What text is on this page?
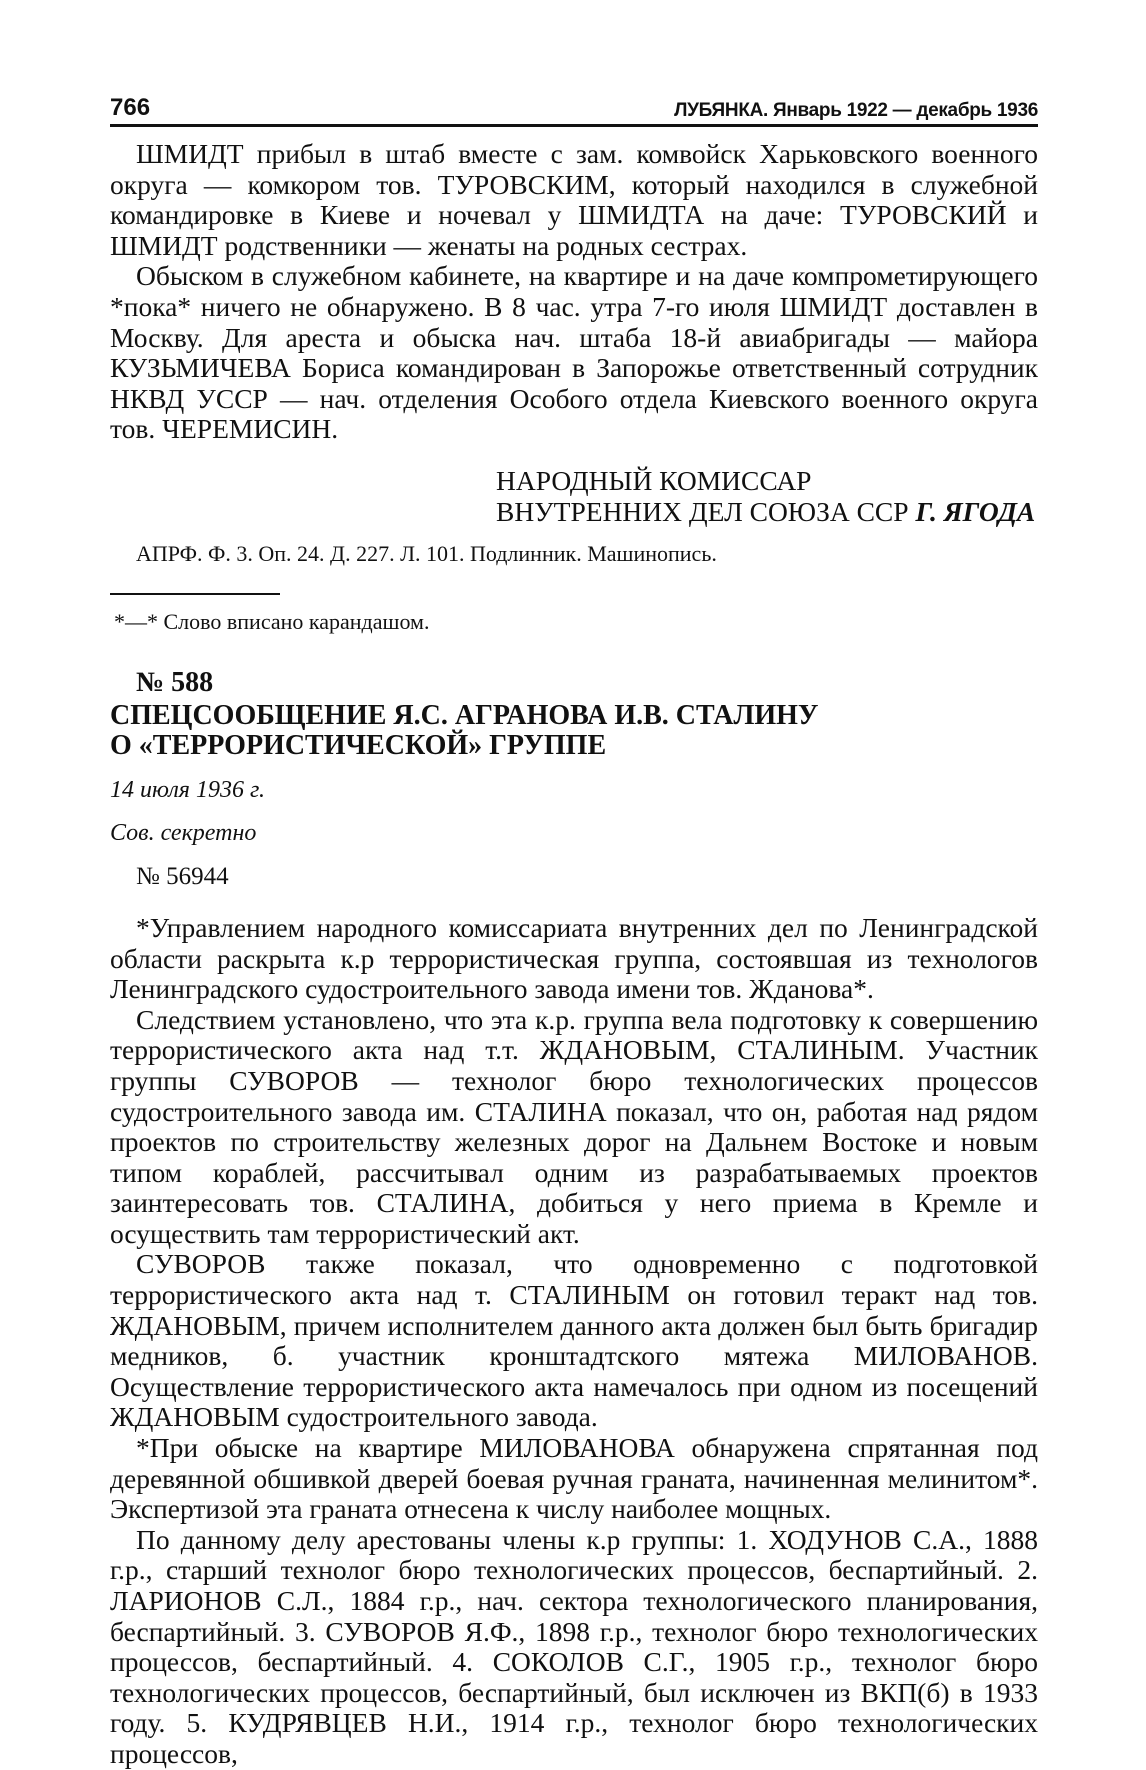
766	ЛУБЯНКА. Январь 1922 — декабрь 1936

ШМИДТ прибыл в штаб вместе с зам. комвойск Харьковского военного округа — комкором тов. ТУРОВСКИМ, который находился в служебной командировке в Киеве и ночевал у ШМИДТА на даче: ТУРОВСКИЙ и ШМИДТ родственники — женаты на родных сестрах.

Обыском в служебном кабинете, на квартире и на даче компрометирующего *пока* ничего не обнаружено. В 8 час. утра 7-го июля ШМИДТ доставлен в Москву. Для ареста и обыска нач. штаба 18-й авиабригады — майора КУЗЬМИЧЕВА Бориса командирован в Запорожье ответственный сотрудник НКВД УССР — нач. отделения Особого отдела Киевского военного округа тов. ЧЕРЕМИСИН.

НАРОДНЫЙ КОМИССАР
ВНУТРЕННИХ ДЕЛ СОЮЗА ССР Г. ЯГОДА
АПРФ. Ф. 3. Оп. 24. Д. 227. Л. 101. Подлинник. Машинопись.
*—* Слово вписано карандашом.
№ 588
СПЕЦСООБЩЕНИЕ Я.С. АГРАНОВА И.В. СТАЛИНУ
О «ТЕРРОРИСТИЧЕСКОЙ» ГРУППЕ
14 июля 1936 г.
Сов. секретно
№ 56944

*Управлением народного комиссариата внутренних дел по Ленинградской области раскрыта к.р террористическая группа, состоявшая из технологов Ленинградского судостроительного завода имени тов. Жданова*.

Следствием установлено, что эта к.р. группа вела подготовку к совершению террористического акта над т.т. ЖДАНОВЫМ, СТАЛИНЫМ. Участник группы СУВОРОВ — технолог бюро технологических процессов судостроительного завода им. СТАЛИНА показал, что он, работая над рядом проектов по строительству железных дорог на Дальнем Востоке и новым типом кораблей, рассчитывал одним из разрабатываемых проектов заинтересовать тов. СТАЛИНА, добиться у него приема в Кремле и осуществить там террористический акт.

СУВОРОВ также показал, что одновременно с подготовкой террористического акта над т. СТАЛИНЫМ он готовил теракт над тов. ЖДАНОВЫМ, причем исполнителем данного акта должен был быть бригадир медников, б. участник кронштадтского мятежа МИЛОВАНОВ. Осуществление террористического акта намечалось при одном из посещений ЖДАНОВЫМ судостроительного завода.

*При обыске на квартире МИЛОВАНОВА обнаружена спрятанная под деревянной обшивкой дверей боевая ручная граната, начиненная мелинитом*. Экспертизой эта граната отнесена к числу наиболее мощных.

По данному делу арестованы члены к.р группы: 1. ХОДУНОВ С.А., 1888 г.р., старший технолог бюро технологических процессов, беспартийный. 2. ЛАРИОНОВ С.Л., 1884 г.р., нач. сектора технологического планирования, беспартийный. 3. СУВОРОВ Я.Ф., 1898 г.р., технолог бюро технологических процессов, беспартийный. 4. СОКОЛОВ С.Г., 1905 г.р., технолог бюро технологических процессов, беспартийный, был исключен из ВКП(б) в 1933 году. 5. КУДРЯВЦЕВ Н.И., 1914 г.р., технолог бюро технологических процессов,
